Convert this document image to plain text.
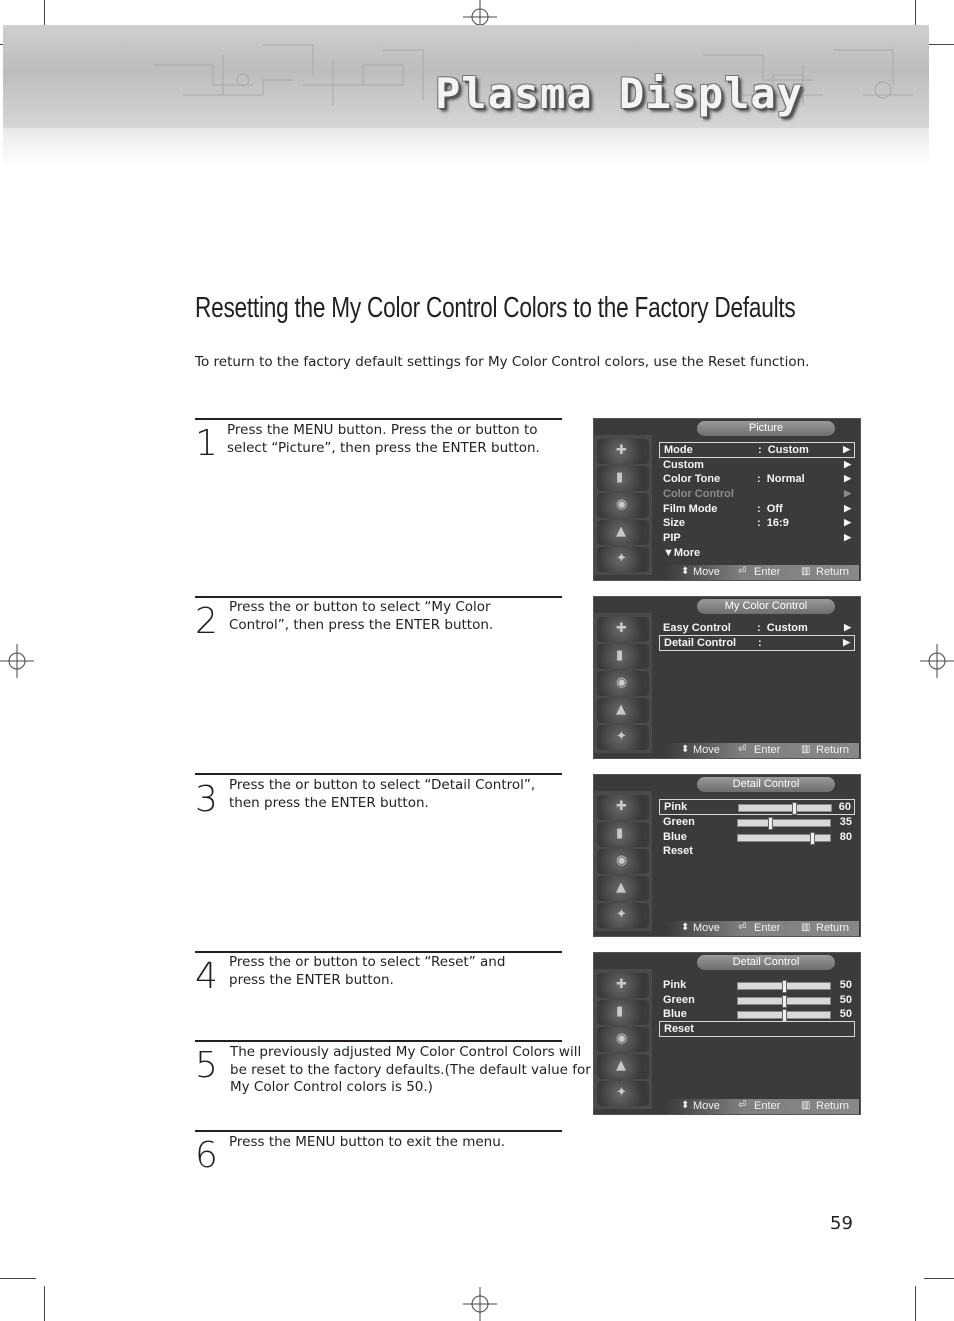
Plasma Display
Resetting the My Color Control Colors to the Factory Defaults
To return to the factory default settings for My Color Control colors, use the Reset function.
1 Press the MENU button. Press the or button to
select “Picture”, then press the ENTER button.
2 Press the or button to select “My Color
Control”, then press the ENTER button.
3 Press the or button to select “Detail Control”,
then press the ENTER button.
4 Press the or button to select “Reset” and
press the ENTER button.
5 The previously adjusted My Color Control Colors will
be reset to the factory defaults.(The default value for
My Color Control colors is 50.)
6 Press the MENU button to exit the menu.
✚
▮
◉
▲
✦
Picture
Mode	: Custom	▶
Custom	▶
Color Tone	: Normal	▶
Color Control	▶
Film Mode	: Off	▶
Size	: 16:9	▶
PIP	▶
▼More
⬍ Move ⏎ Enter ▥ Return
✚
▮
◉
▲
✦
My Color Control
Easy Control : Custom	▶
Detail Control :	▶
⬍ Move ⏎ Enter ▥ Return
✚
▮
◉
▲
✦
Detail Control
Pink	60
Green	35
Blue	80
Reset
⬍ Move ⏎ Enter ▥ Return
✚
▮
◉
▲
✦
Detail Control
Pink	50
Green	50
Blue	50
Reset
⬍ Move ⏎ Enter ▥ Return
59
